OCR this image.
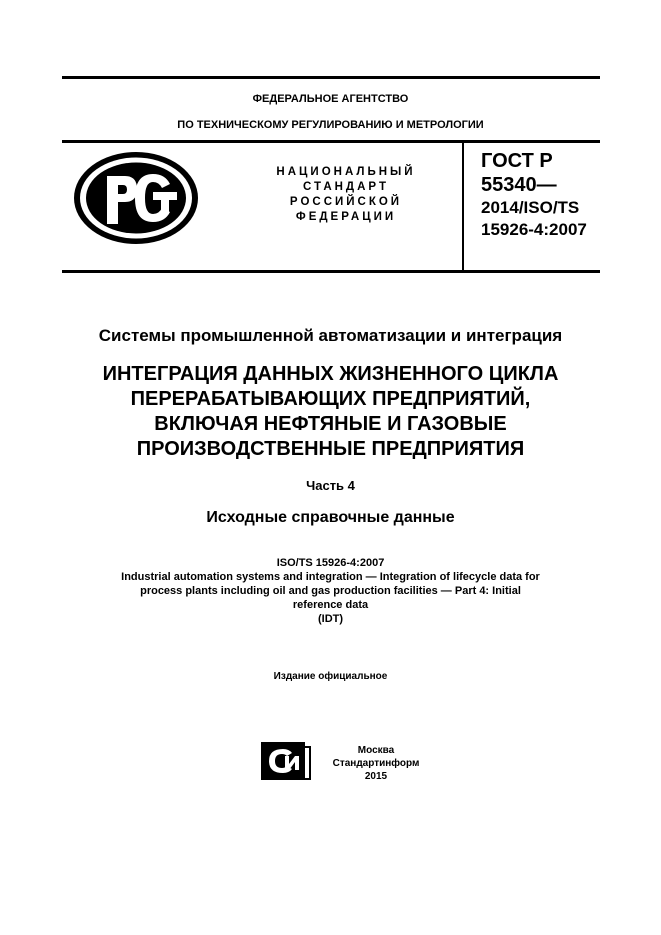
ФЕДЕРАЛЬНОЕ АГЕНТСТВО
ПО ТЕХНИЧЕСКОМУ РЕГУЛИРОВАНИЮ И МЕТРОЛОГИИ
НАЦИОНАЛЬНЫЙ
СТАНДАРТ
РОССИЙСКОЙ
ФЕДЕРАЦИИ
ГОСТ Р
55340—
2014/ISO/TS
15926-4:2007
Системы промышленной автоматизации и интеграция
ИНТЕГРАЦИЯ ДАННЫХ ЖИЗНЕННОГО ЦИКЛА
ПЕРЕРАБАТЫВАЮЩИХ ПРЕДПРИЯТИЙ,
ВКЛЮЧАЯ НЕФТЯНЫЕ И ГАЗОВЫЕ
ПРОИЗВОДСТВЕННЫЕ ПРЕДПРИЯТИЯ
Часть 4
Исходные справочные данные
ISO/TS 15926-4:2007
Industrial automation systems and integration — Integration of lifecycle data for
process plants including oil and gas production facilities — Part 4: Initial
reference data
(IDT)
Издание официальное
Москва
Стандартинформ
2015
